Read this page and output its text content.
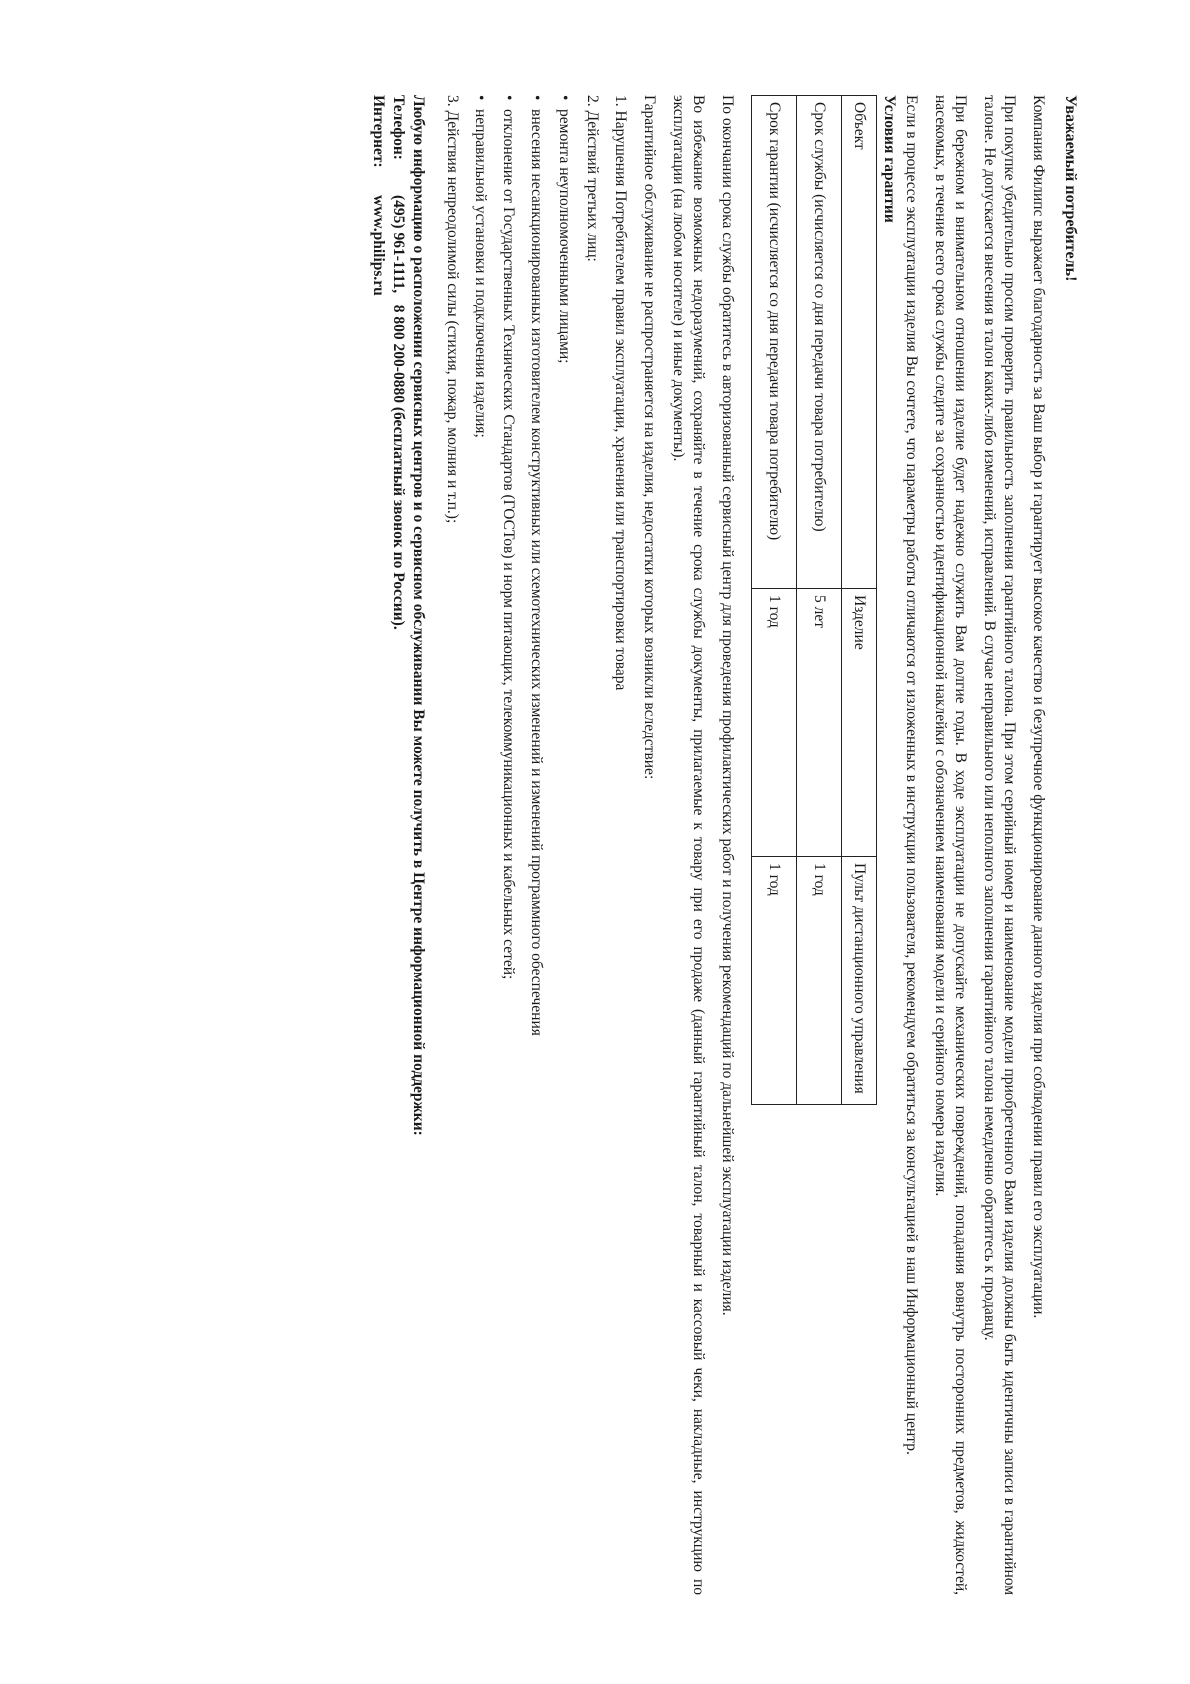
Уважаемый потребитель!

Компания Филипс выражает благодарность за Ваш выбор и гарантирует высокое качество и безупречное функционирование данного изделия при соблюдении правил его эксплуатации.

При покупке убедительно просим проверить правильность заполнения гарантийного талона. При этом серийный номер и наименование модели приобретенного Вами изделия должны быть идентичны записи в гарантийном талоне. Не допускается внесения в талон каких-либо изменений, исправлений. В случае неправильного или неполного заполнения гарантийного талона немедленно обратитесь к продавцу.

При бережном и внимательном отношении изделие будет надежно служить Вам долгие годы. В ходе эксплуатации не допускайте механических повреждений, попадания вовнутрь посторонних предметов, жидкостей, насекомых, в течение всего срока службы следите за сохранностью идентификационной наклейки с обозначением наименования модели и серийного номера изделия.

Если в процессе эксплуатации изделия Вы сочтете, что параметры работы отличаются от изложенных в инструкции пользователя, рекомендуем обратиться за консультацией в наш Информационный центр.

Условия гарантии
Объект	Изделие	Пульт дистанционного управления
Срок службы (исчисляется со дня передачи товара потребителю)	5 лет	1 год
Срок гарантии (исчисляется со дня передачи товара потребителю)	1 год	1 год

По окончании срока службы обратитесь в авторизованный сервисный центр для проведения профилактических работ и получения рекомендаций по дальнейшей эксплуатации изделия.

Во избежание возможных недоразумений, сохраняйте в течение срока службы документы, прилагаемые к товару при его продаже (данный гарантийный талон, товарный и кассовый чеки, накладные, инструкцию по эксплуатации (на любом носителе) и иные документы).

Гарантийное обслуживание не распространяется на изделия, недостатки которых возникли вследствие:

1. Нарушения Потребителем правил эксплуатации, хранения или транспортировки товара
2. Действий третьих лиц:
• ремонта неуполномоченными лицами;
• внесения несанкционированных изготовителем конструктивных или схемотехнических изменений и изменений программного обеспечения
• отклонение от Государственных Технических Стандартов (ГОСТов) и норм питающих, телекоммуникационных и кабельных сетей;
• неправильной установки и подключения изделия;
3. Действия непреодолимой силы (стихия, пожар, молния и т.п.);
Любую информацию о расположении сервисных центров и о сервисном обслуживании Вы можете получить в Центре информационной поддержки:
Телефон:
(495) 961-1111,   8 800 200-0880 (бесплатный звонок по России).
Интернет:
www.philips.ru
